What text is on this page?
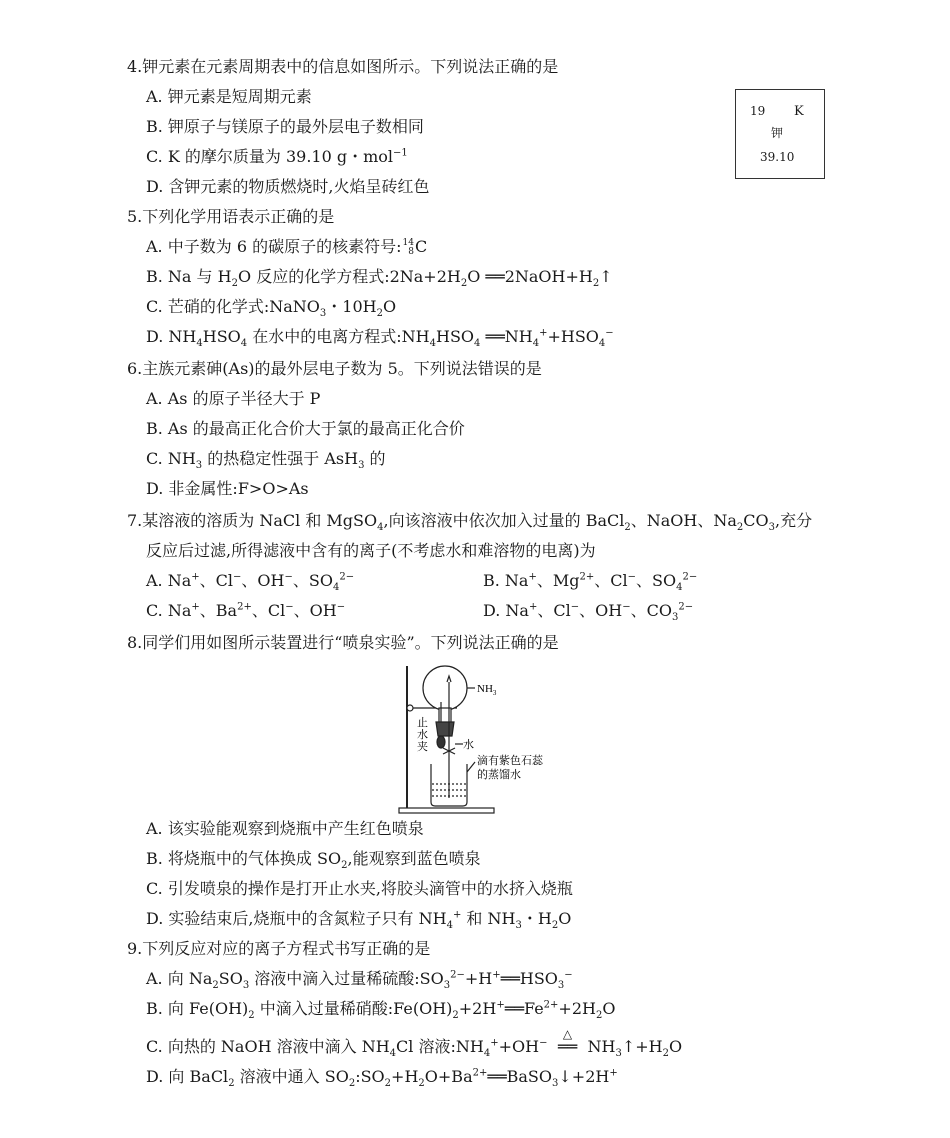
4.钾元素在元素周期表中的信息如图所示。下列说法正确的是
A. 钾元素是短周期元素
B. 钾原子与镁原子的最外层电子数相同
C. K 的摩尔质量为 39.10 g・mol$^{-1}$
D. 含钾元素的物质燃烧时,火焰呈砖红色
19 K
钾
39.10
5.下列化学用语表示正确的是
A. 中子数为 6 的碳原子的核素符号: 14
8 C
B. Na 与 $H_2O$ 反应的化学方程式$:2Na+2H_2O$ $══2NaOH+H_2↑$
C. 芒硝的化学式:NaNO$_3$・$10H_2O$
D. $NH_4HSO_4$ 在水中的电离方程式$:NH_4HSO_4$ $══NH_4^++HSO_4^-$
6.主族元素砷(As)的最外层电子数为 5。下列说法错误的是
A. As 的原子半径大于 P
B. As 的最高正化合价大于氯的最高正化合价
C. $NH_3$ 的热稳定性强于 AsH$_3$ 的
D. 非金属性:F>O>As
7.某溶液的溶质为 NaCl 和 MgSO$_4$,向该溶液中依次加入过量的 BaCl$_2$、NaOH、$Na_2CO_3$,充分
反应后过滤,所得滤液中含有的离子(不考虑水和难溶物的电离)为
A. Na+、Cl−、OH−、$SO_4^{2-}$	B. Na+、$Mg^{2+}$、Cl−、$SO_4^{2-}$
C. Na+、$Ba^{2+}$、Cl−、OH−	D. Na+、Cl−、OH−、$CO_3^{2-}$
8.同学们用如图所示装置进行“喷泉实验”。下列说法正确的是
$NH_3$
止
水
夹	水
滴有紫色石蕊
的蒸馏水
A. 该实验能观察到烧瓶中产生红色喷泉
B. 将烧瓶中的气体换成 $SO_2$,能观察到蓝色喷泉
C. 引发喷泉的操作是打开止水夹,将胶头滴管中的水挤入烧瓶
D. 实验结束后,烧瓶中的含氮粒子只有 $NH_4^+$ 和 $NH_3$・$H_2O$
9.下列反应对应的离子方程式书写正确的是
A. 向 $Na_2SO_3$ 溶液中滴入过量稀硫酸$:SO_3^{2-}+H^+══HSO_3^-$
B. 向 $Fe(OH)_2$ 中滴入过量稀硝酸$:Fe(OH)_2+2H^+══Fe^{2+}+2H_2O$
C. 向热的 NaOH 溶液中滴入 $NH_4Cl$ 溶液$:NH_4^++OH^-$
△
══ $NH_3↑+H_2O$
D. 向 BaCl$_2$ 溶液中通入 $SO_2:SO_2+H_2O+Ba^{2+}══BaSO_3↓+2H^+$
